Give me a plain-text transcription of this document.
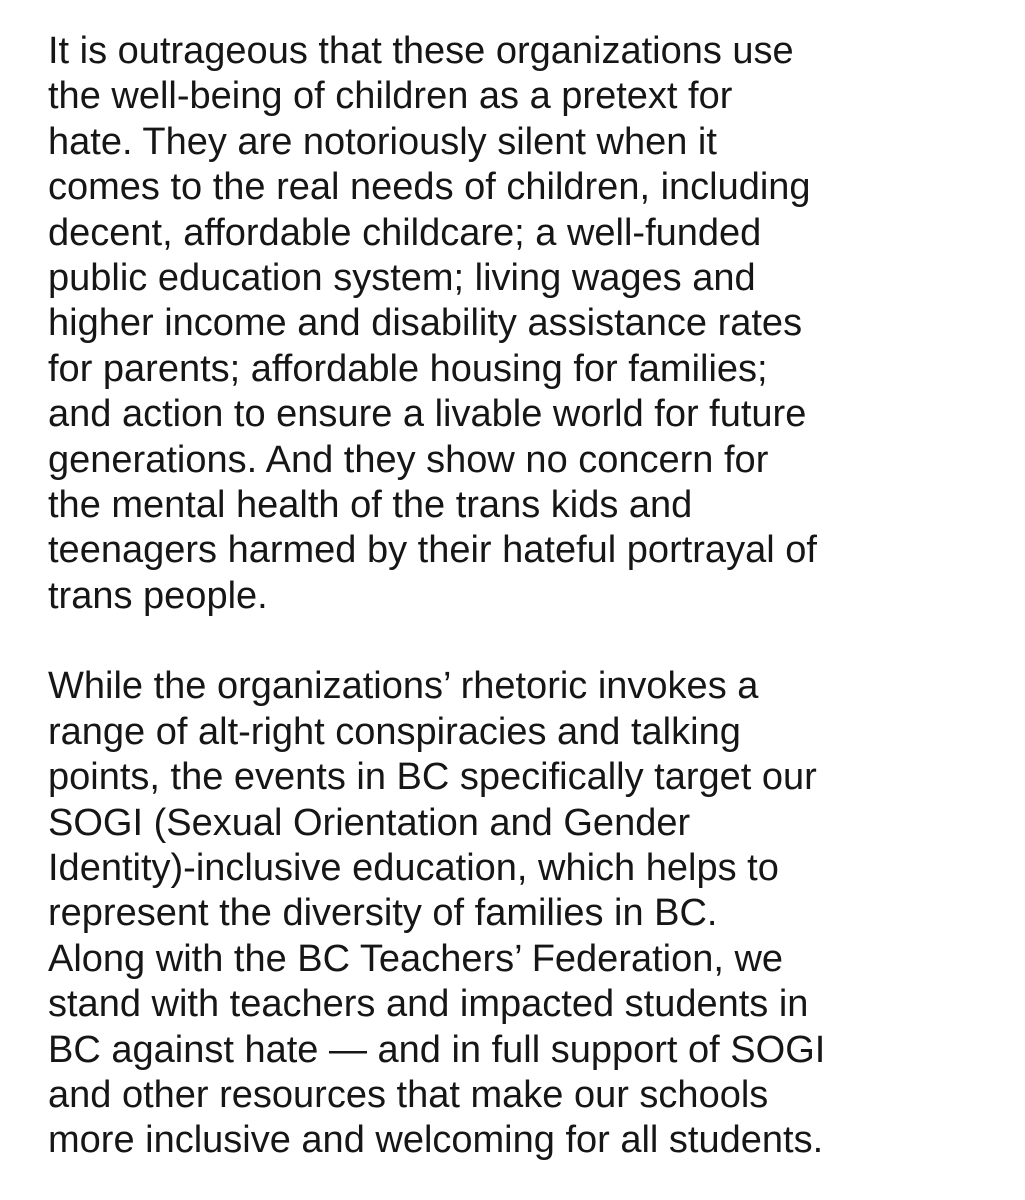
It is outrageous that these organizations use
the well-being of children as a pretext for
hate. They are notoriously silent when it
comes to the real needs of children, including
decent, affordable childcare; a well-funded
public education system; living wages and
higher income and disability assistance rates
for parents; affordable housing for families;
and action to ensure a livable world for future
generations. And they show no concern for
the mental health of the trans kids and
teenagers harmed by their hateful portrayal of
trans people.

While the organizations’ rhetoric invokes a
range of alt-right conspiracies and talking
points, the events in BC specifically target our
SOGI (Sexual Orientation and Gender
Identity)-inclusive education, which helps to
represent the diversity of families in BC.
Along with the BC Teachers’ Federation, we
stand with teachers and impacted students in
BC against hate — and in full support of SOGI
and other resources that make our schools
more inclusive and welcoming for all students.
